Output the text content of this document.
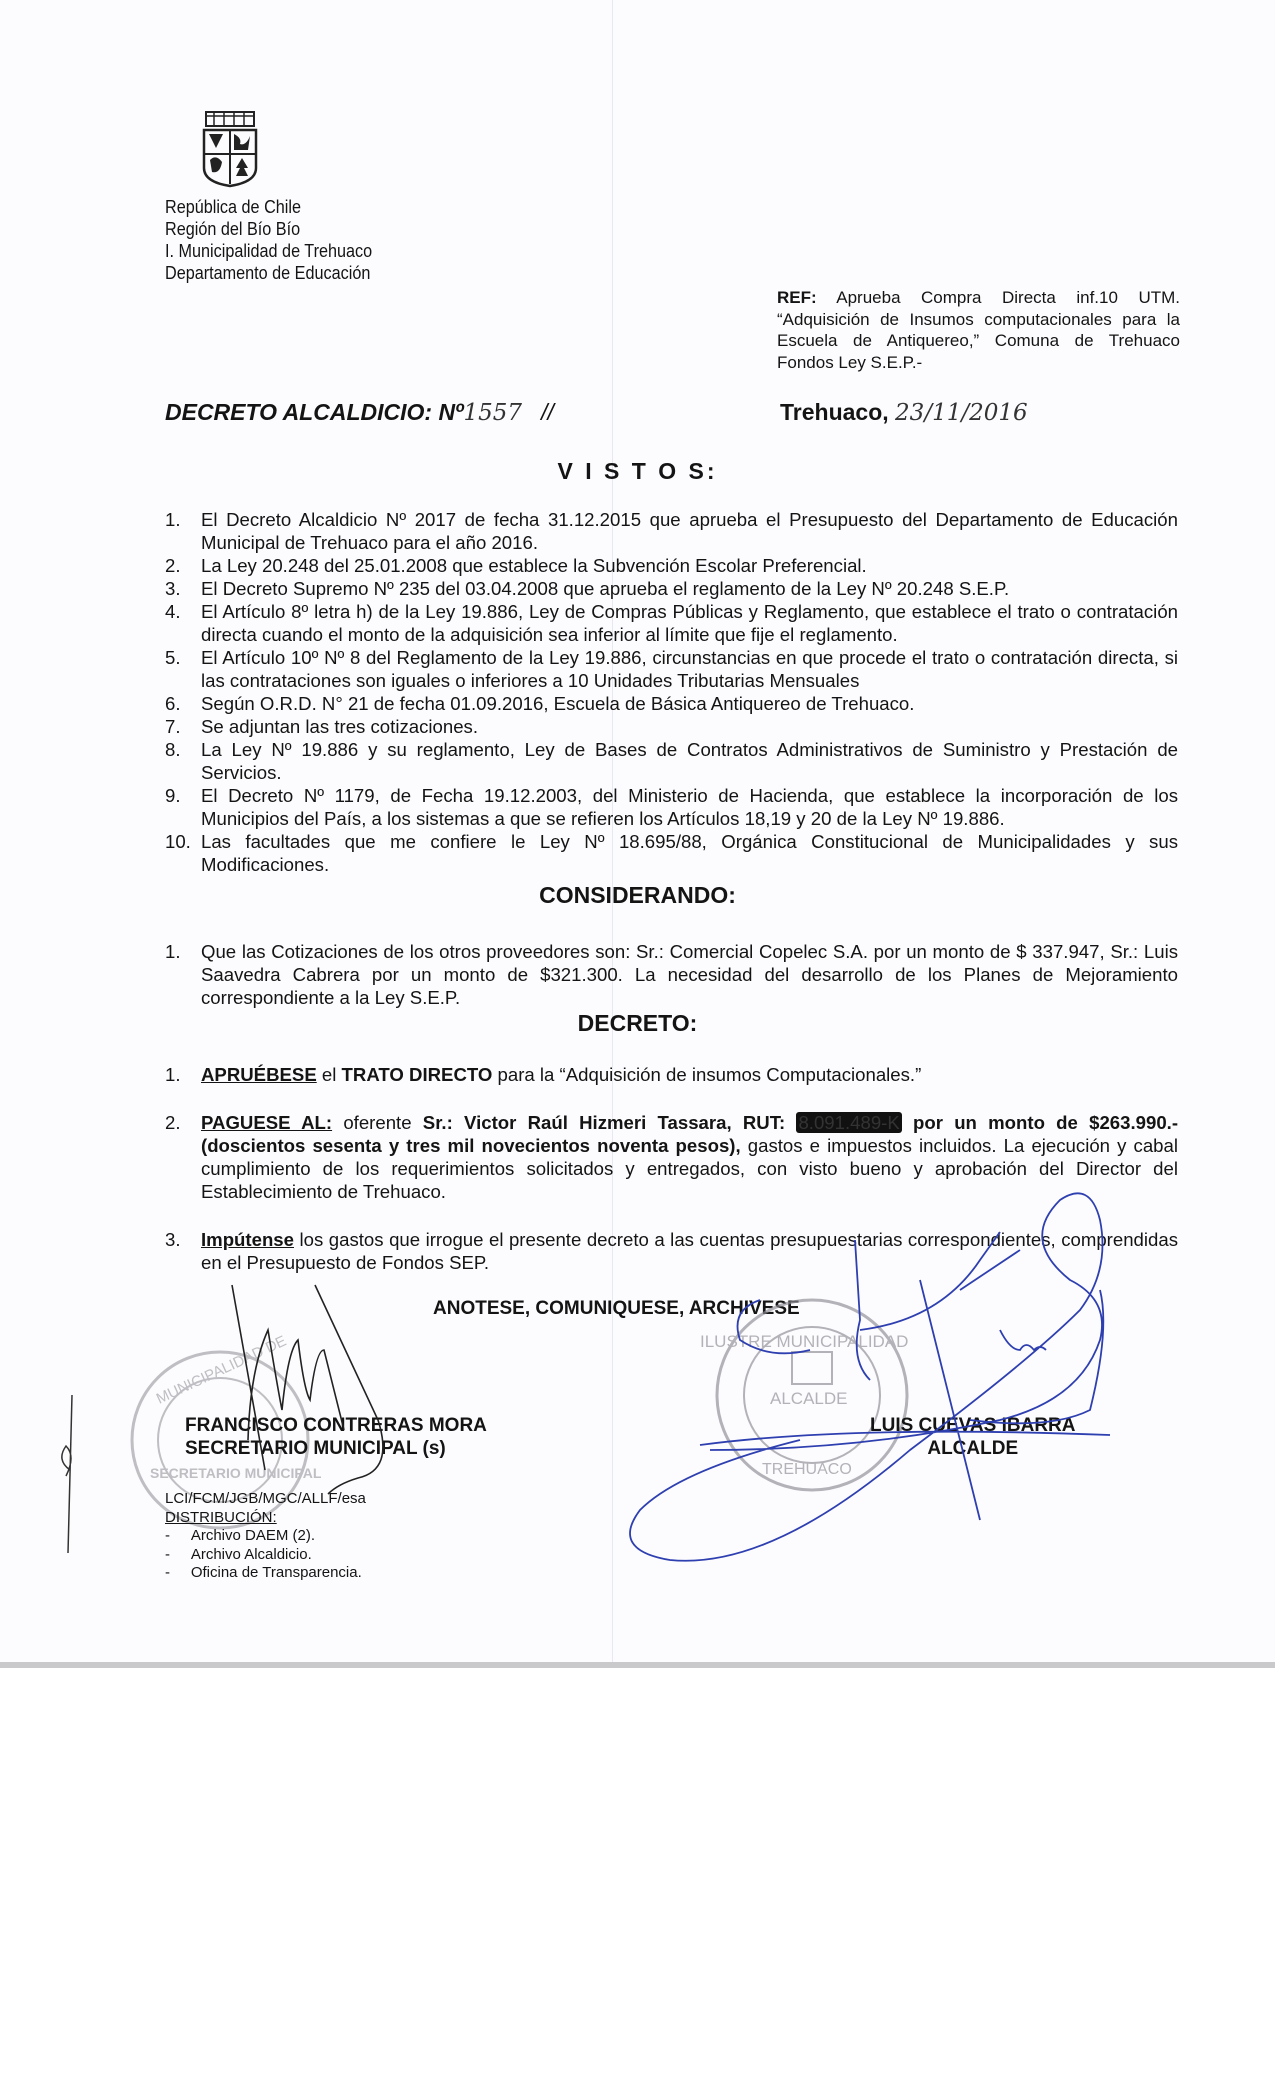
República de Chile
Región del Bío Bío
I. Municipalidad de Trehuaco
Departamento de Educación
REF: Aprueba Compra Directa inf.10 UTM. “Adquisición de Insumos computacionales para la Escuela de Antiquereo,” Comuna de Trehuaco Fondos Ley S.E.P.-
DECRETO ALCALDICIO: Nº1557 //	Trehuaco, 23/11/2016
V I S T O S:
1. El Decreto Alcaldicio Nº 2017 de fecha 31.12.2015 que aprueba el Presupuesto del Departamento de Educación Municipal de Trehuaco para el año 2016.
2. La Ley 20.248 del 25.01.2008 que establece la Subvención Escolar Preferencial.
3. El Decreto Supremo Nº 235 del 03.04.2008 que aprueba el reglamento de la Ley Nº 20.248 S.E.P.
4. El Artículo 8º letra h) de la Ley 19.886, Ley de Compras Públicas y Reglamento, que establece el trato o contratación directa cuando el monto de la adquisición sea inferior al límite que fije el reglamento.
5. El Artículo 10º Nº 8 del Reglamento de la Ley 19.886, circunstancias en que procede el trato o contratación directa, si las contrataciones son iguales o inferiores a 10 Unidades Tributarias Mensuales
6. Según O.R.D. N° 21 de fecha 01.09.2016, Escuela de Básica Antiquereo de Trehuaco.
7. Se adjuntan las tres cotizaciones.
8. La Ley Nº 19.886 y su reglamento, Ley de Bases de Contratos Administrativos de Suministro y Prestación de Servicios.
9. El Decreto Nº 1179, de Fecha 19.12.2003, del Ministerio de Hacienda, que establece la incorporación de los Municipios del País, a los sistemas a que se refieren los Artículos 18,19 y 20 de la Ley Nº 19.886.
10. Las facultades que me confiere le Ley Nº 18.695/88, Orgánica Constitucional de Municipalidades y sus Modificaciones.
CONSIDERANDO:
1. Que las Cotizaciones de los otros proveedores son: Sr.: Comercial Copelec S.A. por un monto de $ 337.947, Sr.: Luis Saavedra Cabrera por un monto de $321.300. La necesidad del desarrollo de los Planes de Mejoramiento correspondiente a la Ley S.E.P.
DECRETO:
1. APRUÉBESE el TRATO DIRECTO para la “Adquisición de insumos Computacionales.”
2. PAGUESE AL: oferente Sr.: Victor Raúl Hizmeri Tassara, RUT: 8.091.489-K por un monto de $263.990.- (doscientos sesenta y tres mil novecientos noventa pesos), gastos e impuestos incluidos. La ejecución y cabal cumplimiento de los requerimientos solicitados y entregados, con visto bueno y aprobación del Director del Establecimiento de Trehuaco.
3. Impútense los gastos que irrogue el presente decreto a las cuentas presupuestarias correspondientes, comprendidas en el Presupuesto de Fondos SEP.
ANOTESE, COMUNIQUESE, ARCHIVESE
SECRETARIO MUNICIPAL
MUNICIPALIDAD DE	ILUSTRE MUNICIPALIDAD
ALCALDE
TREHUACO
FRANCISCO CONTRERAS MORA
SECRETARIO MUNICIPAL (s)
LUIS CUEVAS IBARRA
ALCALDE
LCI/FCM/JGB/MGC/ALLF/esa
DISTRIBUCIÓN:
-     Archivo DAEM (2).
-     Archivo Alcaldicio.
-     Oficina de Transparencia.
